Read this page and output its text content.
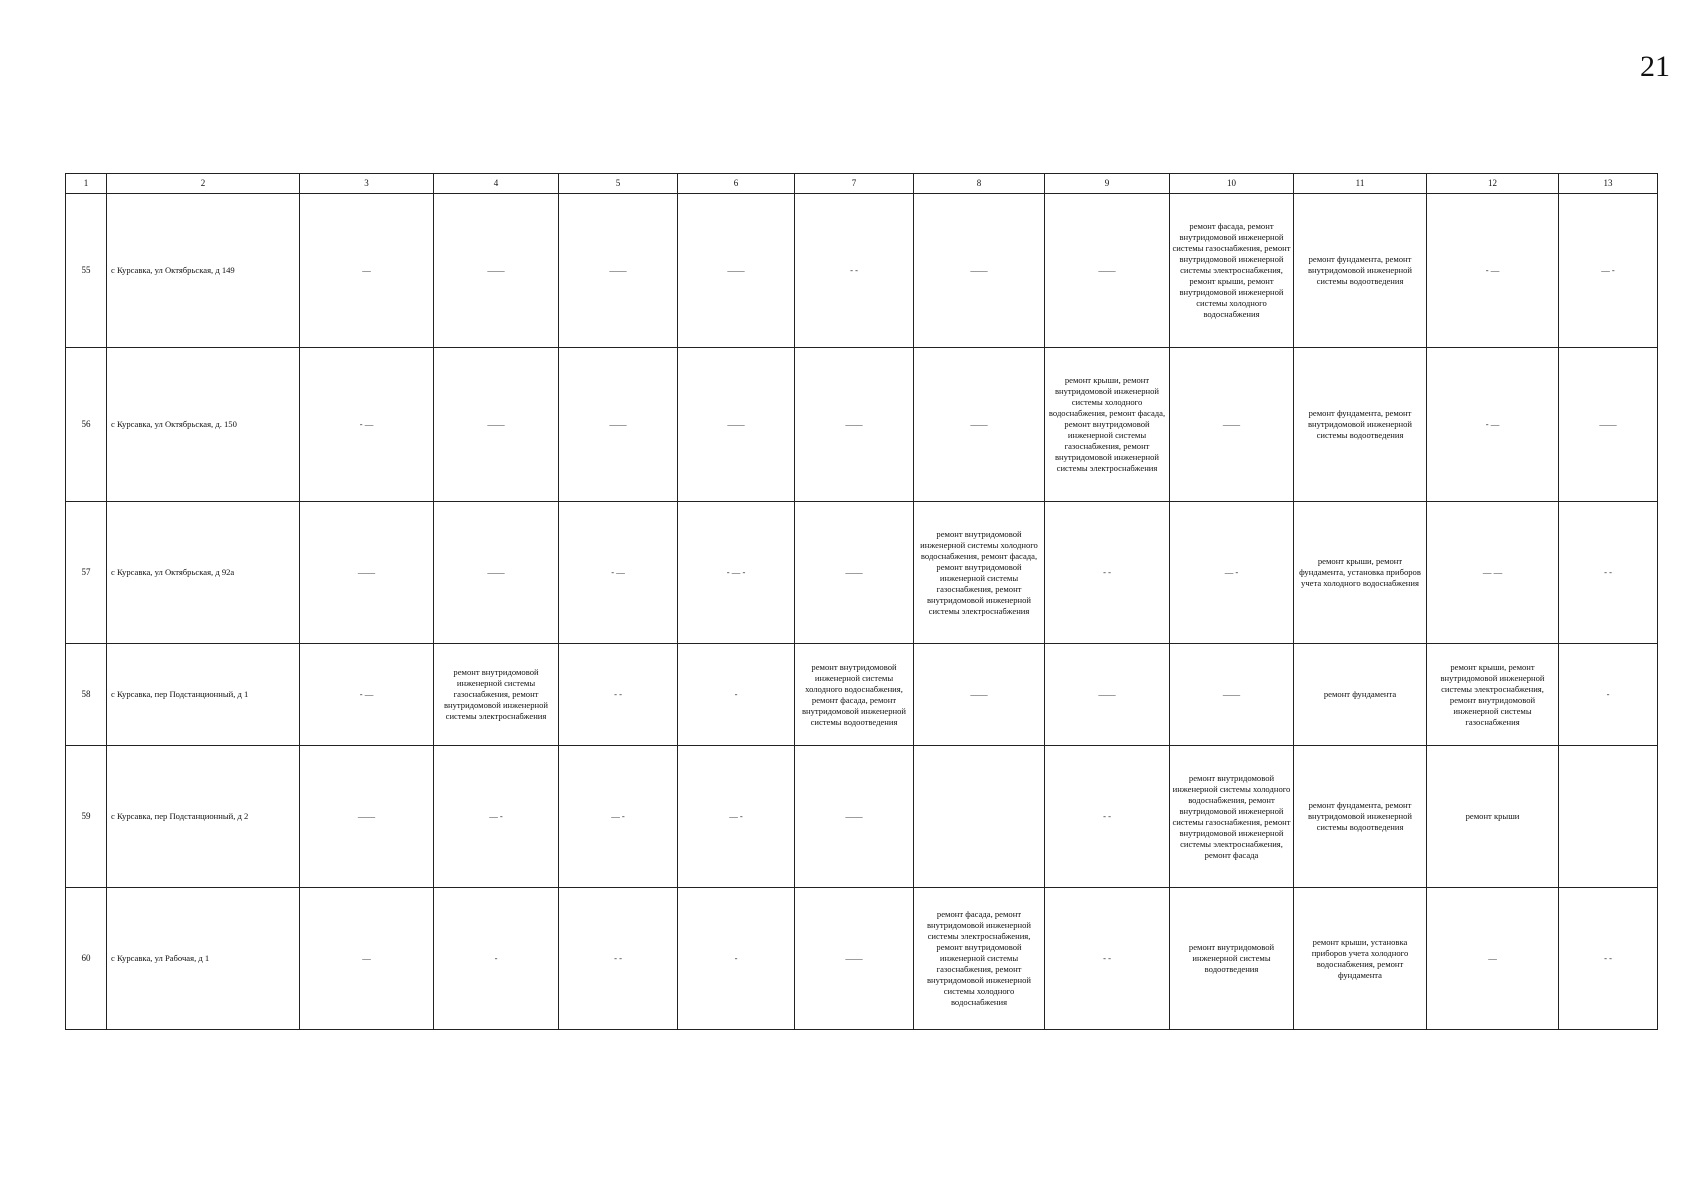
21
1	2	3	4	5	6	7	8	9	10	11	12	13
55	с Курсавка, ул Октябрьская, д 149	—	——	——	——	- -	——	——	ремонт фасада, ремонт внутридомовой инженерной системы газоснабжения, ремонт внутридомовой инженерной системы электроснабжения, ремонт крыши, ремонт внутридомовой инженерной системы холодного водоснабжения	ремонт фундамента, ремонт внутридомовой инженерной системы водоотведения	- —	— -
56	с Курсавка, ул Октябрьская, д. 150	- —	——	——	——	——	——	ремонт крыши, ремонт внутридомовой инженерной системы холодного водоснабжения, ремонт фасада, ремонт внутридомовой инженерной системы газоснабжения, ремонт внутридомовой инженерной системы электроснабжения	——	ремонт фундамента, ремонт внутридомовой инженерной системы водоотведения	- —	——
57	с Курсавка, ул Октябрьская, д 92а	——	——	- —	- — -	——	ремонт внутридомовой инженерной системы холодного водоснабжения, ремонт фасада, ремонт внутридомовой инженерной системы газоснабжения, ремонт внутридомовой инженерной системы электроснабжения	- -	— -	ремонт крыши, ремонт фундамента, установка приборов учета холодного водоснабжения	— —	- -
58	с Курсавка, пер Подстанционный, д 1	- —	ремонт внутридомовой инженерной системы газоснабжения, ремонт внутридомовой инженерной системы электроснабжения	- -	-	ремонт внутридомовой инженерной системы холодного водоснабжения, ремонт фасада, ремонт внутридомовой инженерной системы водоотведения	——	——	——	ремонт фундамента	ремонт крыши, ремонт внутридомовой инженерной системы электроснабжения, ремонт внутридомовой инженерной системы газоснабжения	-
59	с Курсавка, пер Подстанционный, д 2	——	— -	— -	— -	——		- -	ремонт внутридомовой инженерной системы холодного водоснабжения, ремонт внутридомовой инженерной системы газоснабжения, ремонт внутридомовой инженерной системы электроснабжения, ремонт фасада	ремонт фундамента, ремонт внутридомовой инженерной системы водоотведения	ремонт крыши	
60	с Курсавка, ул Рабочая, д 1	—	-	- -	-	——	ремонт фасада, ремонт внутридомовой инженерной системы электроснабжения, ремонт внутридомовой инженерной системы газоснабжения, ремонт внутридомовой инженерной системы холодного водоснабжения	- -	ремонт внутридомовой инженерной системы водоотведения	ремонт крыши, установка приборов учета холодного водоснабжения, ремонт фундамента	—	- -
